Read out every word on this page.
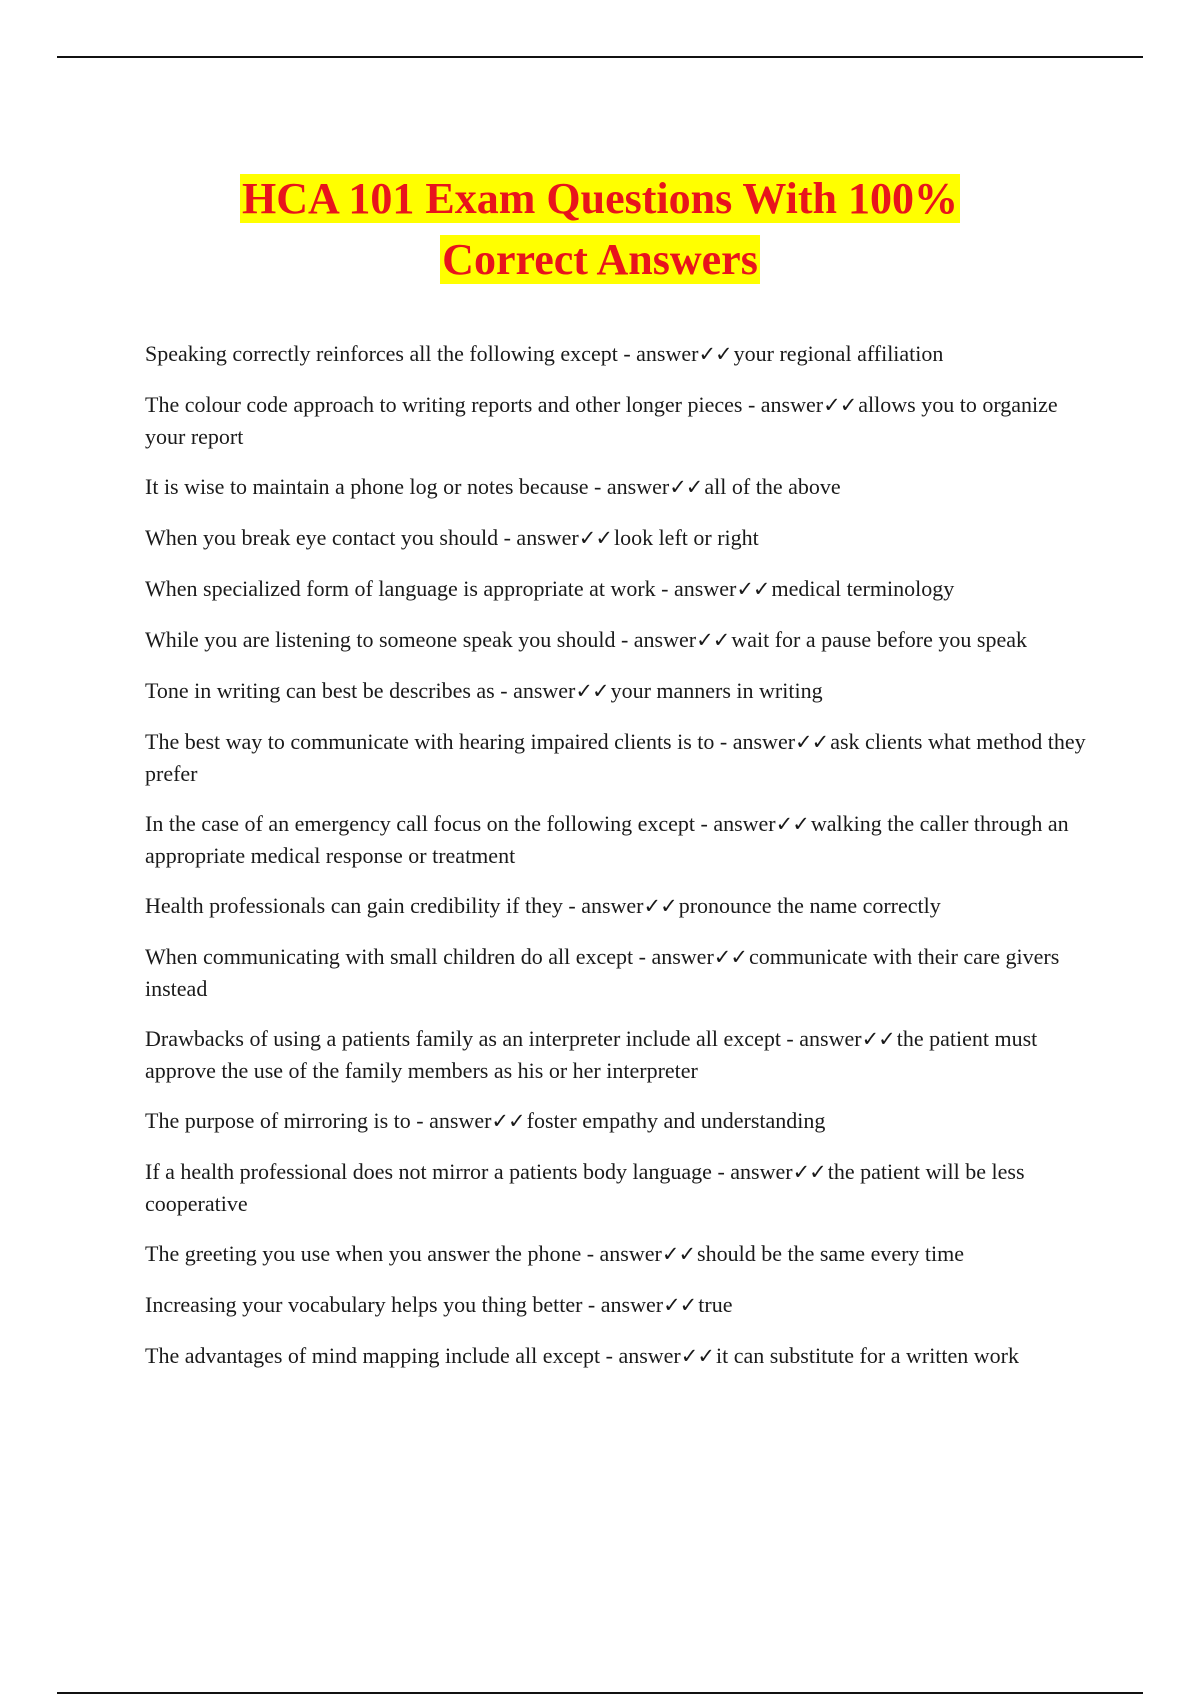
HCA 101 Exam Questions With 100%
Correct Answers
Speaking correctly reinforces all the following except - answer✓✓your regional affiliation
The colour code approach to writing reports and other longer pieces - answer✓✓allows you to organize your report
It is wise to maintain a phone log or notes because - answer✓✓all of the above
When you break eye contact you should - answer✓✓look left or right
When specialized form of language is appropriate at work - answer✓✓medical terminology
While you are listening to someone speak you should - answer✓✓wait for a pause before you speak
Tone in writing can best be describes as - answer✓✓your manners in writing
The best way to communicate with hearing impaired clients is to - answer✓✓ask clients what method they prefer
In the case of an emergency call focus on the following except - answer✓✓walking the caller through an appropriate medical response or treatment
Health professionals can gain credibility if they - answer✓✓pronounce the name correctly
When communicating with small children do all except - answer✓✓communicate with their care givers instead
Drawbacks of using a patients family as an interpreter include all except - answer✓✓the patient must approve the use of the family members as his or her interpreter
The purpose of mirroring is to - answer✓✓foster empathy and understanding
If a health professional does not mirror a patients body language - answer✓✓the patient will be less cooperative
The greeting you use when you answer the phone - answer✓✓should be the same every time
Increasing your vocabulary helps you thing better - answer✓✓true
The advantages of mind mapping include all except - answer✓✓it can substitute for a written work
